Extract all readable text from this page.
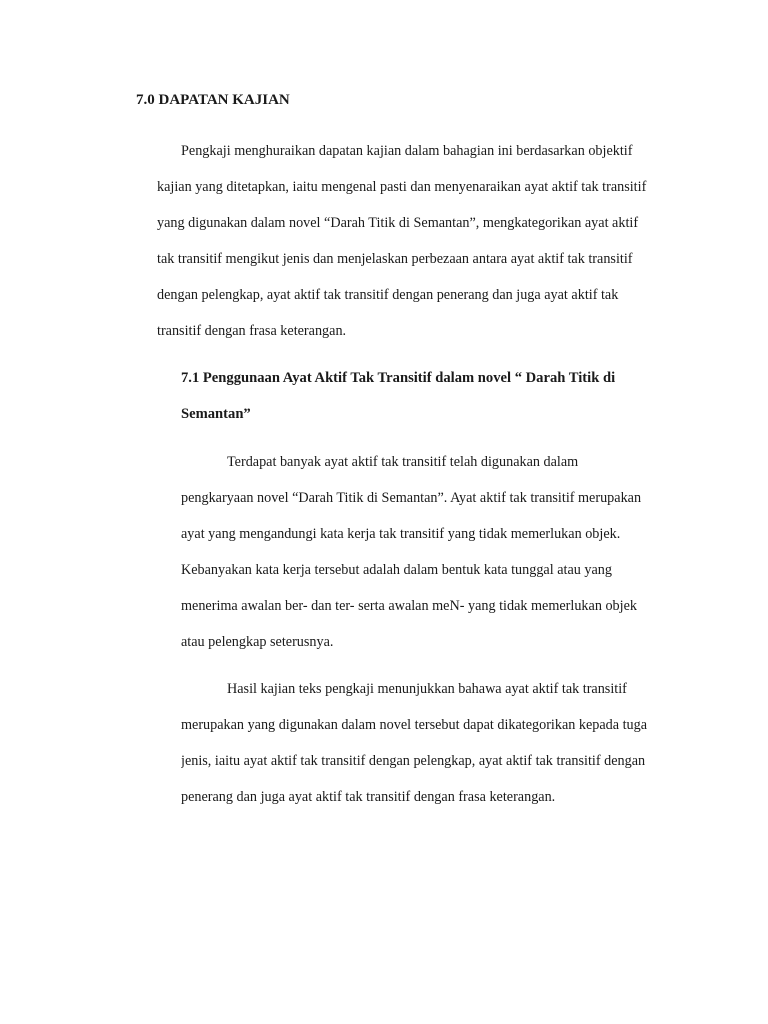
7.0 DAPATAN KAJIAN
Pengkaji menghuraikan dapatan kajian dalam bahagian ini berdasarkan objektif
kajian yang ditetapkan, iaitu mengenal pasti dan menyenaraikan ayat aktif tak transitif
yang digunakan dalam novel “Darah Titik di Semantan”, mengkategorikan ayat aktif
tak transitif mengikut jenis dan menjelaskan perbezaan antara ayat aktif tak transitif
dengan pelengkap, ayat aktif tak transitif dengan penerang dan juga ayat aktif tak
transitif dengan frasa keterangan.
7.1 Penggunaan Ayat Aktif Tak Transitif dalam novel “ Darah Titik di
Semantan”
Terdapat banyak ayat aktif tak transitif telah digunakan dalam
pengkaryaan novel “Darah Titik di Semantan”. Ayat aktif tak transitif merupakan
ayat yang mengandungi kata kerja tak transitif yang tidak memerlukan objek.
Kebanyakan kata kerja tersebut adalah dalam bentuk kata tunggal atau yang
menerima awalan ber- dan ter- serta awalan meN- yang tidak memerlukan objek
atau pelengkap seterusnya.
Hasil kajian teks pengkaji menunjukkan bahawa ayat aktif tak transitif
merupakan yang digunakan dalam novel tersebut dapat dikategorikan kepada tuga
jenis, iaitu ayat aktif tak transitif dengan pelengkap, ayat aktif tak transitif dengan
penerang dan juga ayat aktif tak transitif dengan frasa keterangan.
